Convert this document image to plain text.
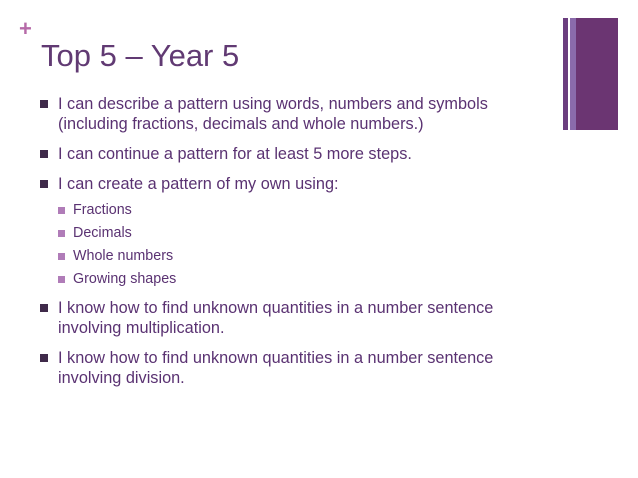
+
Top 5 – Year 5
I can describe a pattern using words, numbers and symbols
(including fractions, decimals and whole numbers.)
I can continue a pattern for at least 5 more steps.
I can create a pattern of my own using:
Fractions
Decimals
Whole numbers
Growing shapes
I know how to find unknown quantities in a number sentence
involving multiplication.
I know how to find unknown quantities in a number sentence
involving division.
